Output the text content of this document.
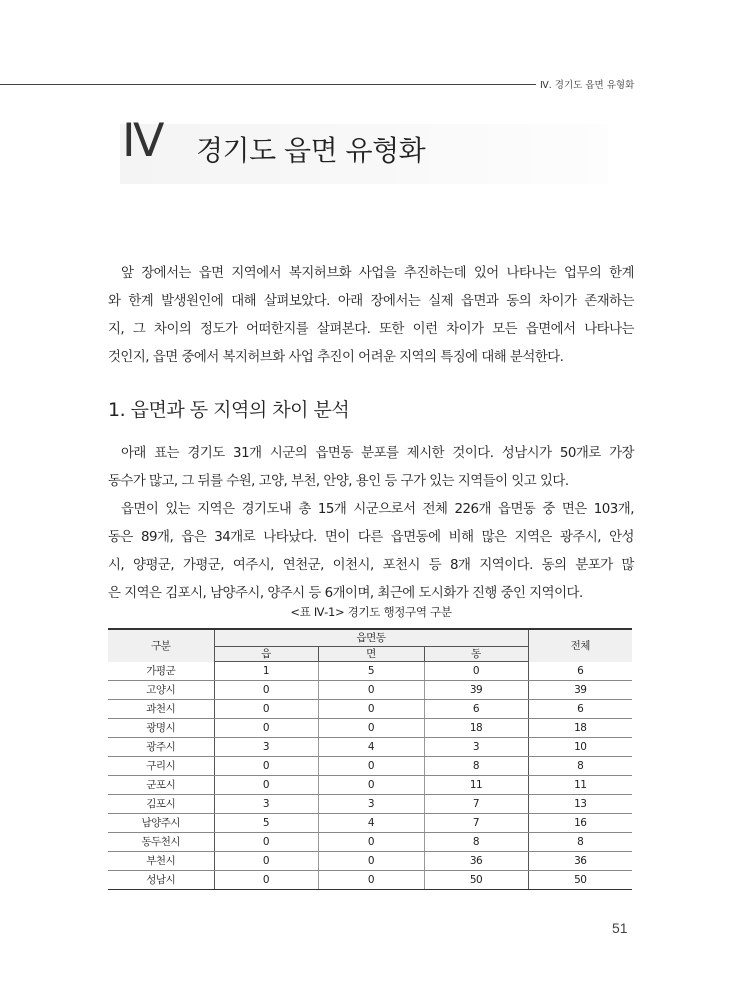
Ⅳ. 경기도 읍면 유형화
Ⅳ 경기도 읍면 유형화
앞 장에서는 읍면 지역에서 복지허브화 사업을 추진하는데 있어 나타나는 업무의 한계
와 한계 발생원인에 대해 살펴보았다. 아래 장에서는 실제 읍면과 동의 차이가 존재하는
지, 그 차이의 정도가 어떠한지를 살펴본다. 또한 이런 차이가 모든 읍면에서 나타나는
것인지, 읍면 중에서 복지허브화 사업 추진이 어려운 지역의 특징에 대해 분석한다.
1. 읍면과 동 지역의 차이 분석
아래 표는 경기도 31개 시군의 읍면동 분포를 제시한 것이다. 성남시가 50개로 가장
동수가 많고, 그 뒤를 수원, 고양, 부천, 안양, 용인 등 구가 있는 지역들이 잇고 있다.
읍면이 있는 지역은 경기도내 총 15개 시군으로서 전체 226개 읍면동 중 면은 103개,
동은 89개, 읍은 34개로 나타났다. 면이 다른 읍면동에 비해 많은 지역은 광주시, 안성
시, 양평군, 가평군, 여주시, 연천군, 이천시, 포천시 등 8개 지역이다. 동의 분포가 많
은 지역은 김포시, 남양주시, 양주시 등 6개이며, 최근에 도시화가 진행 중인 지역이다.
<표 Ⅳ-1> 경기도 행정구역 구분
구분	읍면동			전체
	읍	면	동	
가평군	1	5	0	6
고양시	0	0	39	39
과천시	0	0	6	6
광명시	0	0	18	18
광주시	3	4	3	10
구리시	0	0	8	8
군포시	0	0	11	11
김포시	3	3	7	13
남양주시	5	4	7	16
동두천시	0	0	8	8
부천시	0	0	36	36
성남시	0	0	50	50
51
